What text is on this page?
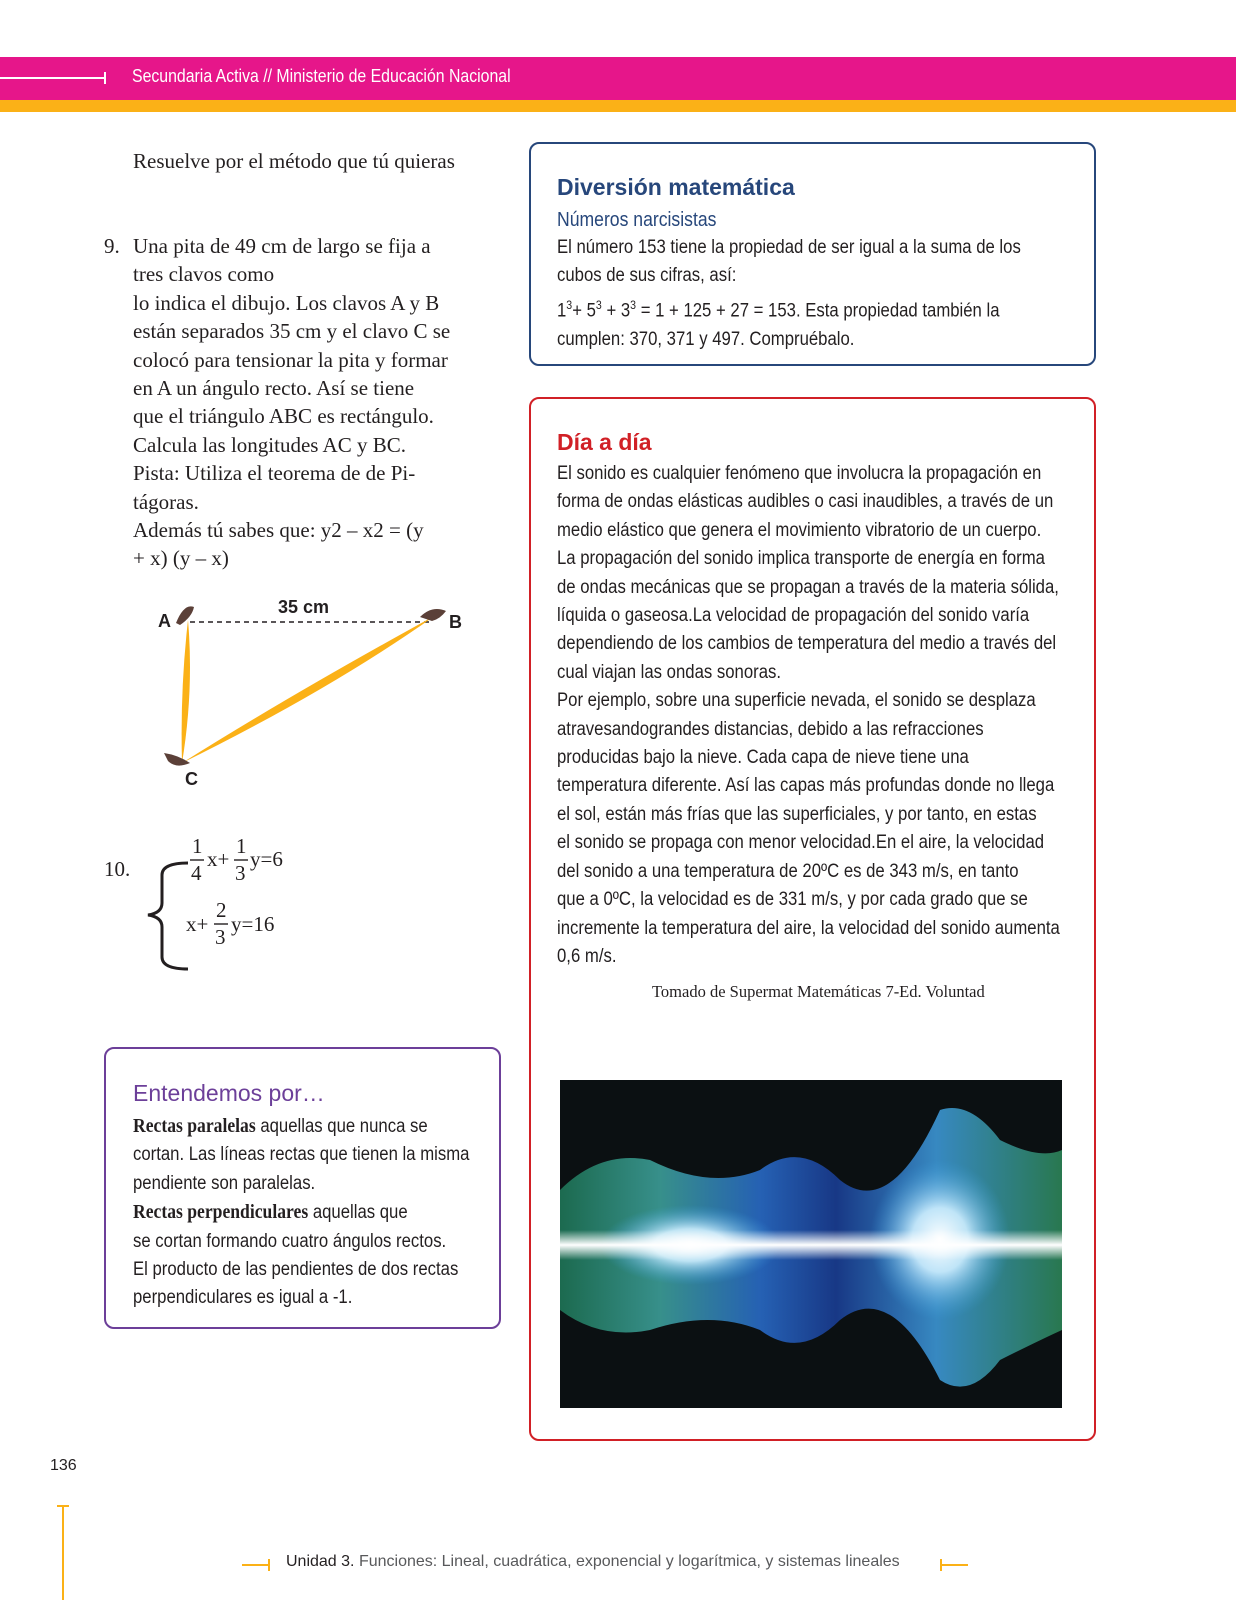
Secundaria Activa // Ministerio de Educación Nacional
Resuelve por el método que tú quieras
9. Una pita de 49 cm de largo se fija a
tres clavos como
lo indica el dibujo. Los clavos A y B
están separados 35 cm y el clavo C se
colocó para tensionar la pita y formar
en A un ángulo recto. Así se tiene
que el triángulo ABC es rectángulo.
Calcula las longitudes AC y BC.
Pista: Utiliza el teorema de de Pi-
tágoras.
Además tú sabes que: y2 – x2 = (y
+ x) (y – x)
A	B
C
35 cm
10.
1
4
x+
1
3
y=6
x+
2
3
y=16
Entendemos por…
Rectas paralelas aquellas que nunca se
cortan. Las líneas rectas que tienen la misma
pendiente son paralelas.
Rectas perpendiculares aquellas que
se cortan formando cuatro ángulos rectos.
El producto de las pendientes de dos rectas
perpendiculares es igual a -1.
Diversión matemática
Números narcisistas
El número 153 tiene la propiedad de ser igual a la suma de los
cubos de sus cifras, así:
$1^3+ 5^3 + 3^3 = 1 + 125 + 27 = 153$. Esta propiedad también la
cumplen: 370, 371 y 497. Compruébalo.
Día a día
El sonido es cualquier fenómeno que involucra la propagación en
forma de ondas elásticas audibles o casi inaudibles, a través de un
medio elástico que genera el movimiento vibratorio de un cuerpo.
La propagación del sonido implica transporte de energía en forma
de ondas mecánicas que se propagan a través de la materia sólida,
líquida o gaseosa.La velocidad de propagación del sonido varía
dependiendo de los cambios de temperatura del medio a través del
cual viajan las ondas sonoras.
Por ejemplo, sobre una superficie nevada, el sonido se desplaza
atravesandograndes distancias, debido a las refracciones
producidas bajo la nieve. Cada capa de nieve tiene una
temperatura diferente. Así las capas más profundas donde no llega
el sol, están más frías que las superficiales, y por tanto, en estas
el sonido se propaga con menor velocidad.En el aire, la velocidad
del sonido a una temperatura de 20ºC es de 343 m/s, en tanto
que a 0ºC, la velocidad es de 331 m/s, y por cada grado que se
incremente la temperatura del aire, la velocidad del sonido aumenta
0,6 m/s.
Tomado de Supermat Matemáticas 7-Ed. Voluntad
136
Unidad 3. Funciones: Lineal, cuadrática, exponencial y logarítmica, y sistemas lineales
